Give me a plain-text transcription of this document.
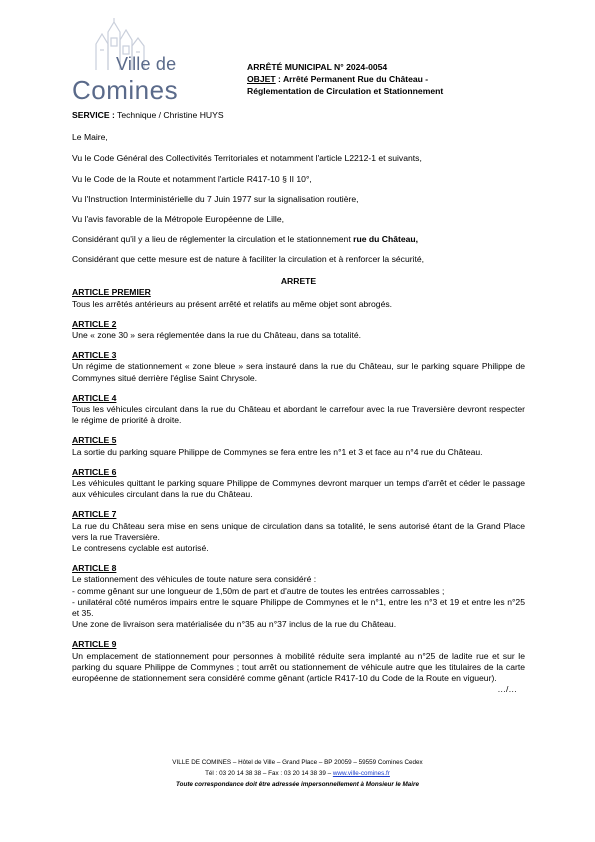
Ville de
Comines
ARRÊTÉ MUNICIPAL N° 2024-0054
OBJET : Arrêté Permanent Rue du Château -
Réglementation de Circulation et Stationnement

SERVICE : Technique / Christine HUYS

Le Maire,

Vu le Code Général des Collectivités Territoriales et notamment l'article L2212-1 et suivants,

Vu le Code de la Route et notamment l'article R417-10 § II 10°,

Vu l'Instruction Interministérielle du 7 Juin 1977 sur la signalisation routière,

Vu l'avis favorable de la Métropole Européenne de Lille,

Considérant qu'il y a lieu de réglementer la circulation et le stationnement rue du Château,

Considérant que cette mesure est de nature à faciliter la circulation et à renforcer la sécurité,

ARRETE

ARTICLE PREMIER

Tous les arrêtés antérieurs au présent arrêté et relatifs au même objet sont abrogés.

ARTICLE 2

Une « zone 30 » sera réglementée dans la rue du Château, dans sa totalité.

ARTICLE 3

Un régime de stationnement « zone bleue » sera instauré dans la rue du Château, sur le parking square Philippe de Commynes situé derrière l'église Saint Chrysole.

ARTICLE 4

Tous les véhicules circulant dans la rue du Château et abordant le carrefour avec la rue Traversière devront respecter le régime de priorité à droite.

ARTICLE 5

La sortie du parking square Philippe de Commynes se fera entre les n°1 et 3 et face au n°4 rue du Château.

ARTICLE 6

Les véhicules quittant le parking square Philippe de Commynes devront marquer un temps d'arrêt et céder le passage aux véhicules circulant dans la rue du Château.

ARTICLE 7

La rue du Château sera mise en sens unique de circulation dans sa totalité, le sens autorisé étant de la Grand Place vers la rue Traversière.

Le contresens cyclable est autorisé.

ARTICLE 8

Le stationnement des véhicules de toute nature sera considéré :

- comme gênant sur une longueur de 1,50m de part et d'autre de toutes les entrées carrossables ;

- unilatéral côté numéros impairs entre le square Philippe de Commynes et le n°1, entre les n°3 et 19 et entre les n°25 et 35.

Une zone de livraison sera matérialisée du n°35 au n°37 inclus de la rue du Château.

ARTICLE 9

Un emplacement de stationnement pour personnes à mobilité réduite sera implanté au n°25 de ladite rue et sur le parking du square Philippe de Commynes ; tout arrêt ou stationnement de véhicule autre que les titulaires de la carte européenne de stationnement sera considéré comme gênant (article R417-10 du Code de la Route en vigueur).

…/…

VILLE DE COMINES – Hôtel de Ville – Grand Place – BP 20059 – 59559 Comines Cedex
Tél : 03 20 14 38 38 – Fax : 03 20 14 38 39 – www.ville-comines.fr
Toute correspondance doit être adressée impersonnellement à Monsieur le Maire
